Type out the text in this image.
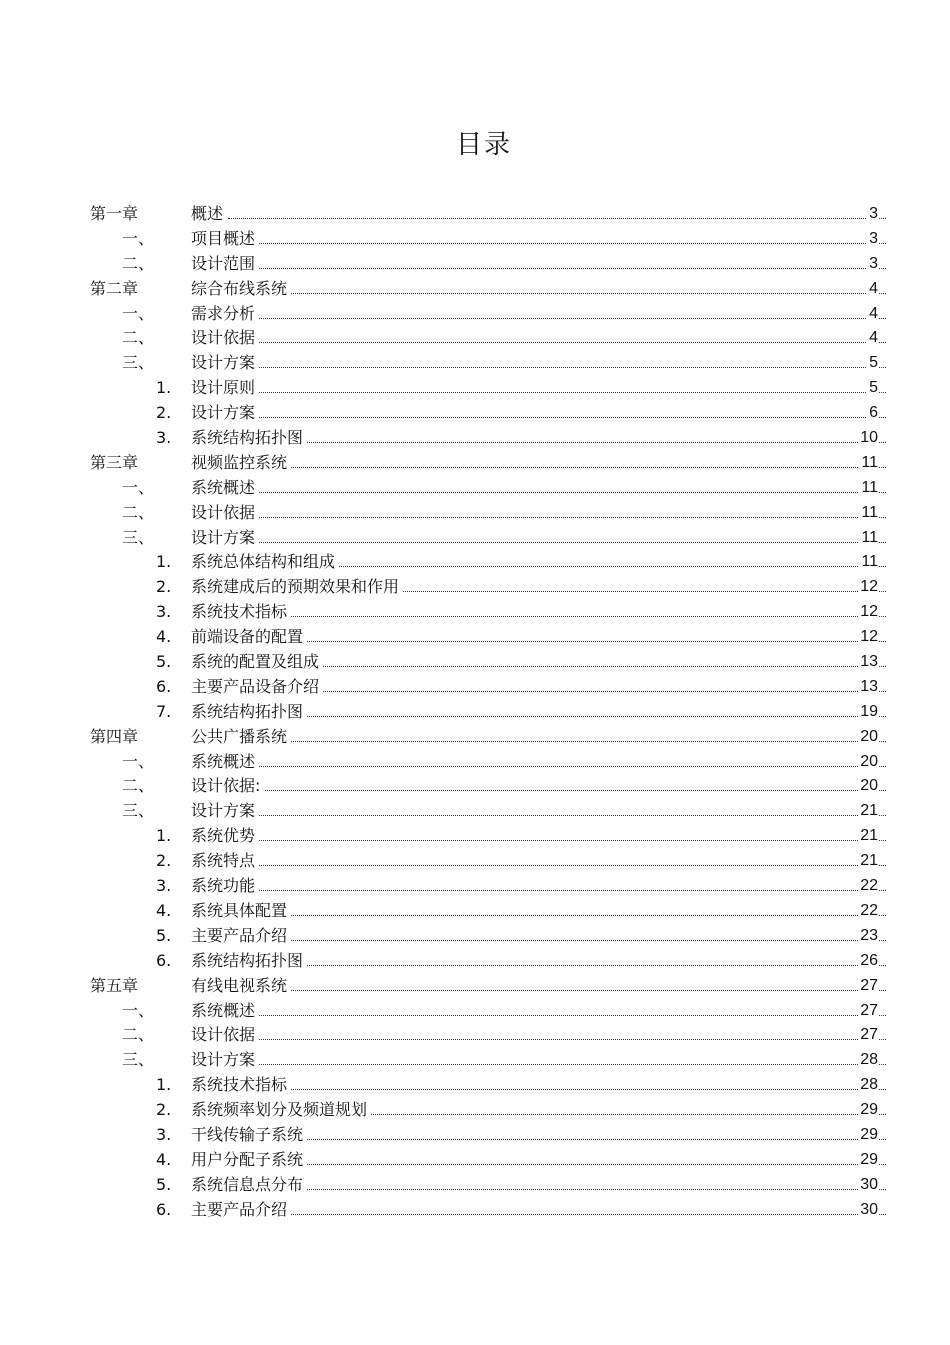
目录
第一章	概述	3
一、 项目概述	3
二、 设计范围	3
第二章	综合布线系统	4
一、 需求分析	4
二、 设计依据	4
三、 设计方案	5
1. 设计原则	5
2. 设计方案	6
3. 系统结构拓扑图	10
第三章	视频监控系统	11
一、 系统概述	11
二、 设计依据	11
三、 设计方案	11
1. 系统总体结构和组成	11
2. 系统建成后的预期效果和作用	12
3. 系统技术指标	12
4. 前端设备的配置	12
5. 系统的配置及组成	13
6. 主要产品设备介绍	13
7. 系统结构拓扑图	19
第四章	公共广播系统	20
一、 系统概述	20
二、 设计依据:	20
三、 设计方案	21
1. 系统优势	21
2. 系统特点	21
3. 系统功能	22
4. 系统具体配置	22
5. 主要产品介绍	23
6. 系统结构拓扑图	26
第五章	有线电视系统	27
一、 系统概述	27
二、 设计依据	27
三、 设计方案	28
1. 系统技术指标	28
2. 系统频率划分及频道规划	29
3. 干线传输子系统	29
4. 用户分配子系统	29
5. 系统信息点分布	30
6. 主要产品介绍	30
